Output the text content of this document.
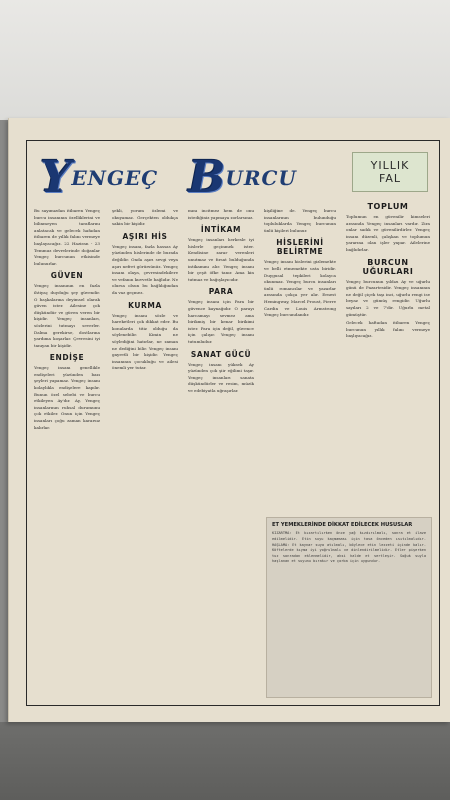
Y ENGEÇ B URCU
YILLIK
FAL

Bu sayımızdan itibaren Yengeç burcu insanının özelliklerini ve bilinmeyen taraflarını anlatacak ve gelecek hafadan itibaren de yıllık falını vermeye başlayacağız. 22 Haziran - 23 Temmuz devrelerinde doğanlar Yengeç burcunun etkisinde bulunurlar.

GÜVEN

Yengeç insanının en fazla ihtiyaç duyduğu şey güvendir. O başkalarına deyimsel olarak güven ister. Ailesine çok düşkündür ve güven veren bir kişidir. Yengeç insanları, sözlerini tutmayı severler. Dalma gerekirse, dostlarına yardıma koşarlar. Çevresini iyi tanıyan bir kişidir.

ENDİŞE

Yengeç insanı genellikle endişeleri yüzünden bazı şeyleri yapamaz. Yengeç insanı kolaylıkla endişelere kapılır. Bunun özel sebebi ve burcu etkileyen Ay'dır. Ay, Yengeç insanlarının ruhsal durumunu çok etkiler. Onun için Yengeç insanları çoğu zaman kararsız kalırlar.

şekli, yorum özlemi ve okuyamaz. Gerçekten oldukça sakin bir kişidir.

AŞIRI HİS

Yengeç insanı, fazla hassas Ay yüzünden hislerinde de burada değildir. Onda aşırı sevgi veya aşırı nefret görürsünüz. Yengeç insanı olaya, çevresindekilere ve vefanın kuvvetle bağlıdır. Ne olursa olsun bu bağlılığından da vaz geçmez.

KURMA

Yengeç insanı sözle ve hareketleri çok dikkat eder. Bu konularda titiz olduğu da söylenebilir. Kimin ne söylediğini hatırlar, ne zaman ne dediğini bilir. Yengeç insanı gayretli bir kişidir. Yengeç insanının çocukluğu ve ailesi önemli yer tutar.

mını incitmez hem de onu istediğiniz yapmaya zorlarsınız.

İNTİKAM

Yengeç insanları herkesle iyi hislerle geçinmek ister. Kendisine zarar verenleri unutmaz ve fırsat bulduğunda intikamını alır. Yengeç insanı bir çeşit öfke tanır. Ama kin tutmaz ve bağışlayıcıdır.

PARA

Yengeç insanı için Para bir güvence kaynağıdır. O parayı harcamayı sevmez ama birikmiş bir kenar birikimi ister. Para için değil, güvence için çalışır. Yengeç insanı tutumludur.

SANAT GÜCÜ

Yengeç insanı yüksek Ay yüzünden çok şiir eğilimi taşır. Yengeç insanları sanata düşkündürler ve resim, müzik ve edebiyatla uğraşırlar.

kişiliğine de. Yengeç burcu insanlarının bulunduğu topluluklarda Yengeç burcunun ünlü kişileri bulunur.

HİSLERİNİ BELİRTME

Yengeç insanı hislerini gizlemekte ve belli etmemekte usta biridir. Duygusal tepkileri kolayca okunmaz. Yengeç burcu insanları ünlü romancılar ve yazarlar arasında çokça yer alır. Ernest Hemingway, Marcel Proust, Pierre Cardin ve Louis Armstrong Yengeç burcundandır.

TOPLUM

Toplumun en güvenilir kimseleri arasında Yengeç insanları vardır. Zira onlar sadık ve güvenilirdirler. Yengeç insanı düzenli, çalışkan ve toplumun yararına olan işler yapar. Ailelerine bağlıdırlar.

BURCUN UĞURLARI

Yengeç burcunun yıldızı Ay ve uğurlu günü de Pazartesidir. Yengeç insanının ne değil çiçek taşı inci, uğurlu rengi ise beyaz ve gümüş rengidir. Uğurlu sayıları 2 ve 7'dir. Uğurlu metal gümüştür.

Gelecek haftadan itibaren Yengeç burcunun yıllık falını vermeye başlıyacağız.

ET YEMEKLERİNDE DİKKAT EDİLECEK HUSUSLAR

KIZARTMA: Et kızartılırken önce yağ kızdırılmalı, sonra et ilave edilmelidir. Etin suyu kaçmaması için tava önceden ısıtılmalıdır. HAŞLAMA: Et kaynar suya atılmalı, böylece etin lezzeti içinde kalır. Köftelerde kıyma iyi yoğrulmalı ve dinlendirilmelidir. Etler pişerken tuz sonradan eklenmelidir, aksi halde et sertleşir. Soğuk suyla haşlanan et suyunu bırakır ve çorba için uygundur.
